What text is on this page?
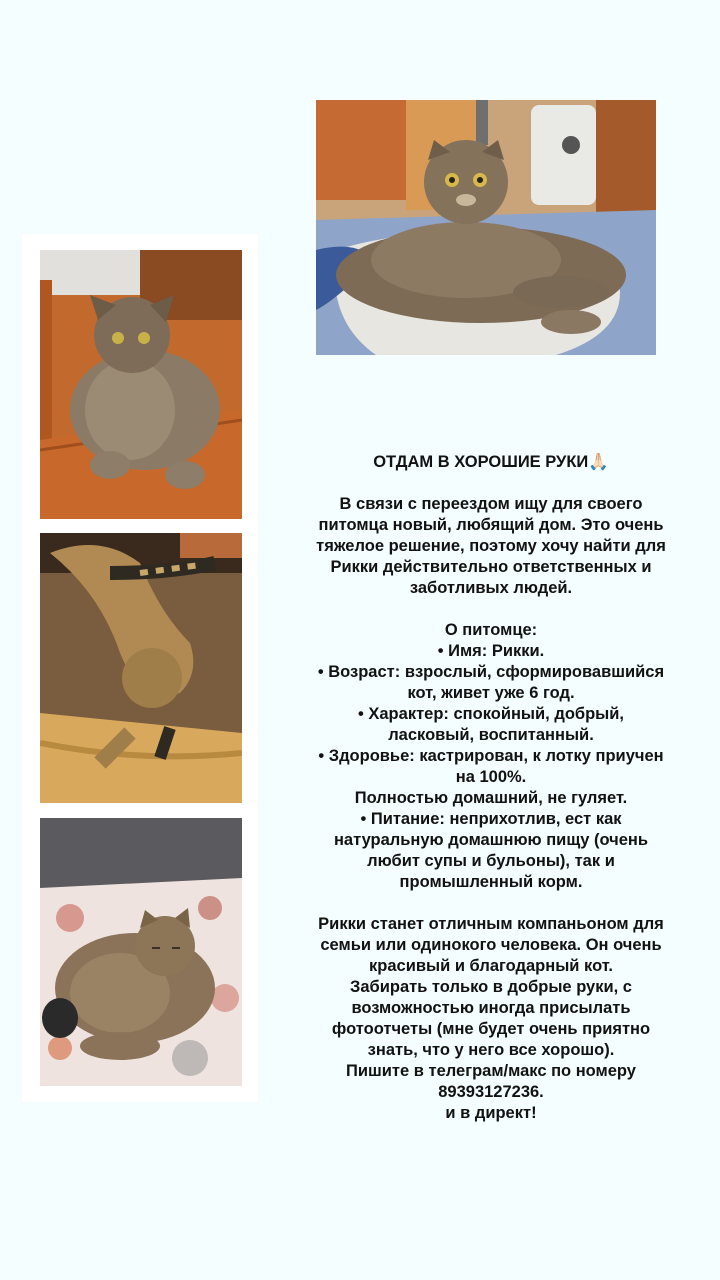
ОТДАМ В ХОРОШИЕ РУКИ🙏🏻

В связи с переездом ищу для своего
питомца новый, любящий дом. Это очень
тяжелое решение, поэтому хочу найти для
Рикки действительно ответственных и
заботливых людей.

О питомце:
• Имя: Рикки.
• Возраст: взрослый, сформировавшийся
кот, живет уже 6 год.
• Характер: спокойный, добрый,
ласковый, воспитанный.
• Здоровье: кастрирован, к лотку приучен
на 100%.
Полностью домашний, не гуляет.
• Питание: неприхотлив, ест как
натуральную домашнюю пищу (очень
любит супы и бульоны), так и
промышленный корм.

Рикки станет отличным компаньоном для
семьи или одинокого человека. Он очень
красивый и благодарный кот.
Забирать только в добрые руки, с
возможностью иногда присылать
фотоотчеты (мне будет очень приятно
знать, что у него все хорошо).
Пишите в телеграм/макс по номеру
89393127236.
и в директ!
